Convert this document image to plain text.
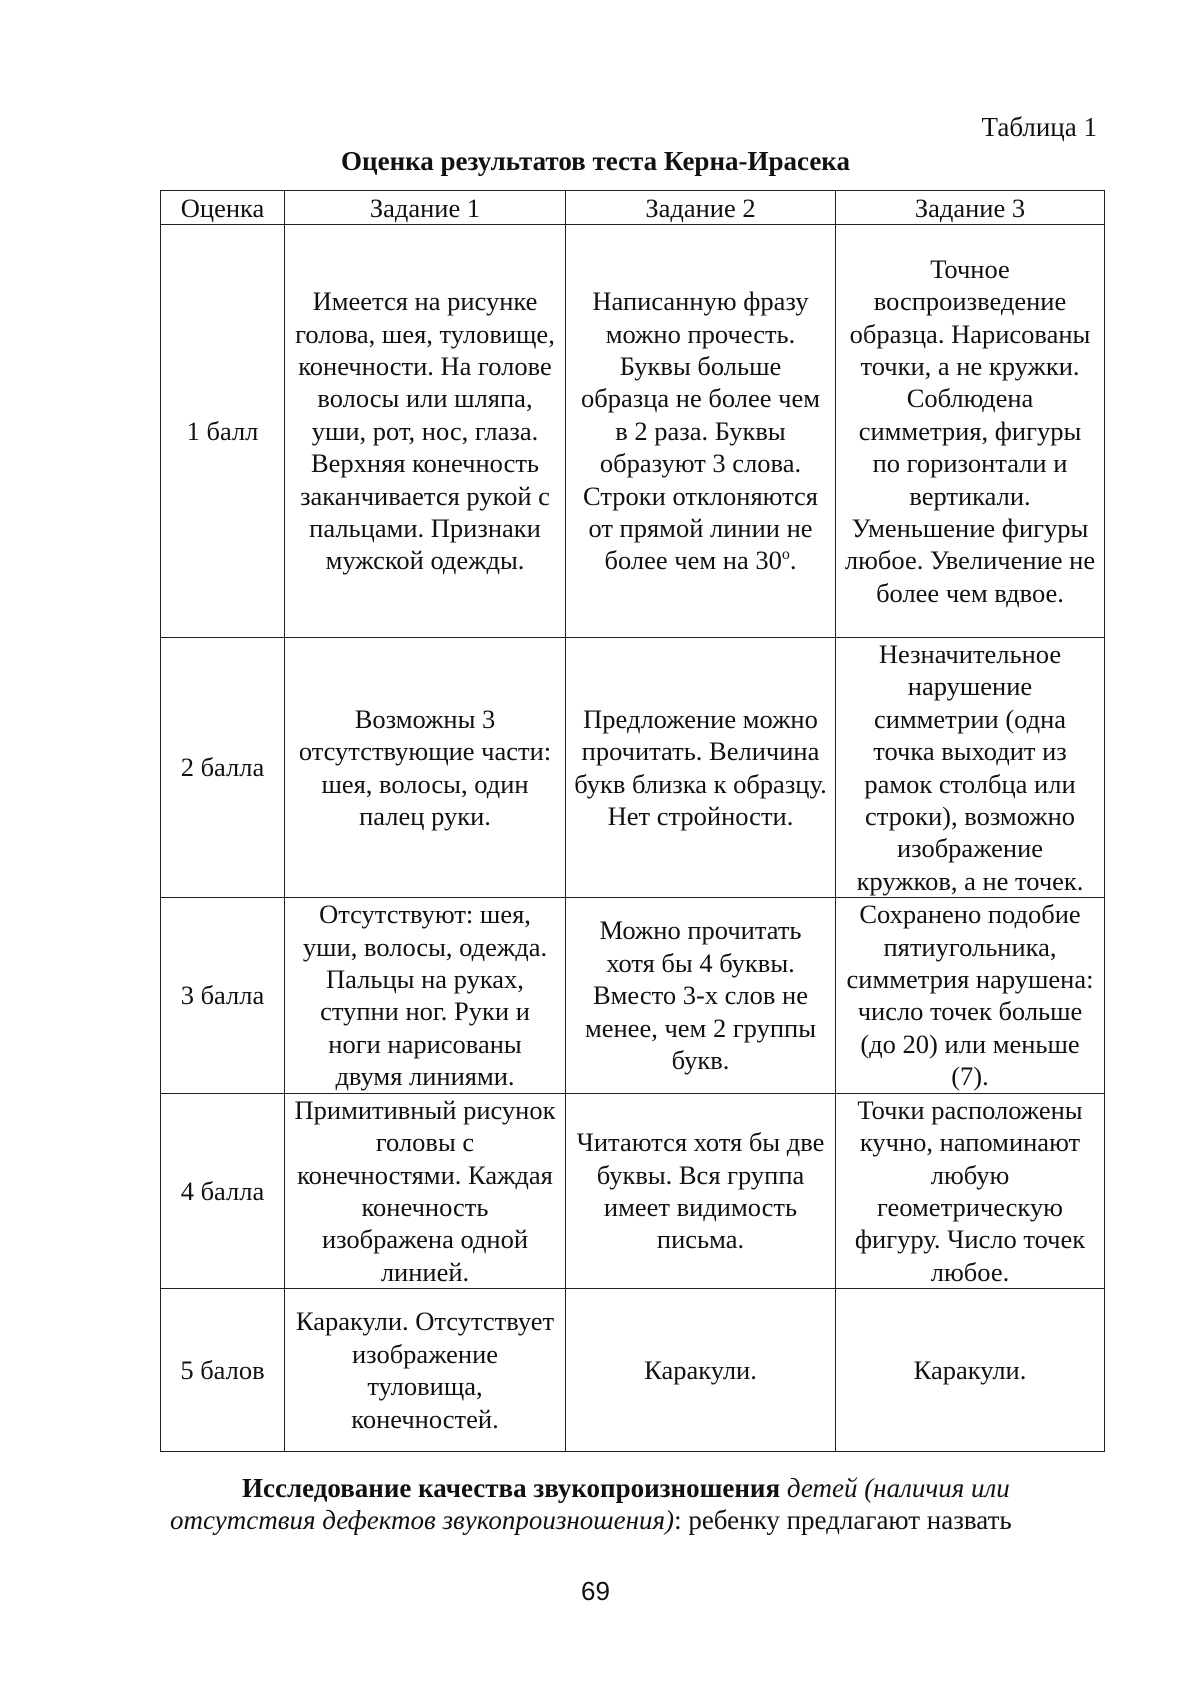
Таблица 1
Оценка результатов теста Керна-Ирасека
Оценка	Задание 1	Задание 2	Задание 3
1 балл	Имеется на рисунке голова, шея, туловище, конечности. На голове волосы или шляпа, уши, рот, нос, глаза. Верхняя конечность заканчивается рукой с пальцами. Признаки мужской одежды.	Написанную фразу можно прочесть. Буквы больше образца не более чем в 2 раза. Буквы образуют 3 слова. Строки отклоняются от прямой линии не более чем на $30^о$.	Точное воспроизведение образца. Нарисованы точки, а не кружки. Соблюдена симметрия, фигуры по горизонтали и вертикали. Уменьшение фигуры любое. Увеличение не более чем вдвое.
2 балла	Возможны 3 отсутствующие части: шея, волосы, один палец руки.	Предложение можно прочитать. Величина букв близка к образцу. Нет стройности.	Незначительное нарушение симметрии (одна точка выходит из рамок столбца или строки), возможно изображение кружков, а не точек.
3 балла	Отсутствуют: шея, уши, волосы, одежда. Пальцы на руках, ступни ног. Руки и ноги нарисованы двумя линиями.	Можно прочитать хотя бы 4 буквы. Вместо 3-х слов не менее, чем 2 группы букв.	Сохранено подобие пятиугольника, симметрия нарушена: число точек больше (до 20) или меньше (7).
4 балла	Примитивный рисунок головы с конечностями. Каждая конечность изображена одной линией.	Читаются хотя бы две буквы. Вся группа имеет видимость письма.	Точки расположены кучно, напоминают любую геометрическую фигуру. Число точек любое.
5 балов	Каракули. Отсутствует изображение туловища, конечностей.	Каракули.	Каракули.
Исследование качества звукопроизношения детей (наличия или отсутствия дефектов звукопроизношения): ребенку предлагают назвать
69
